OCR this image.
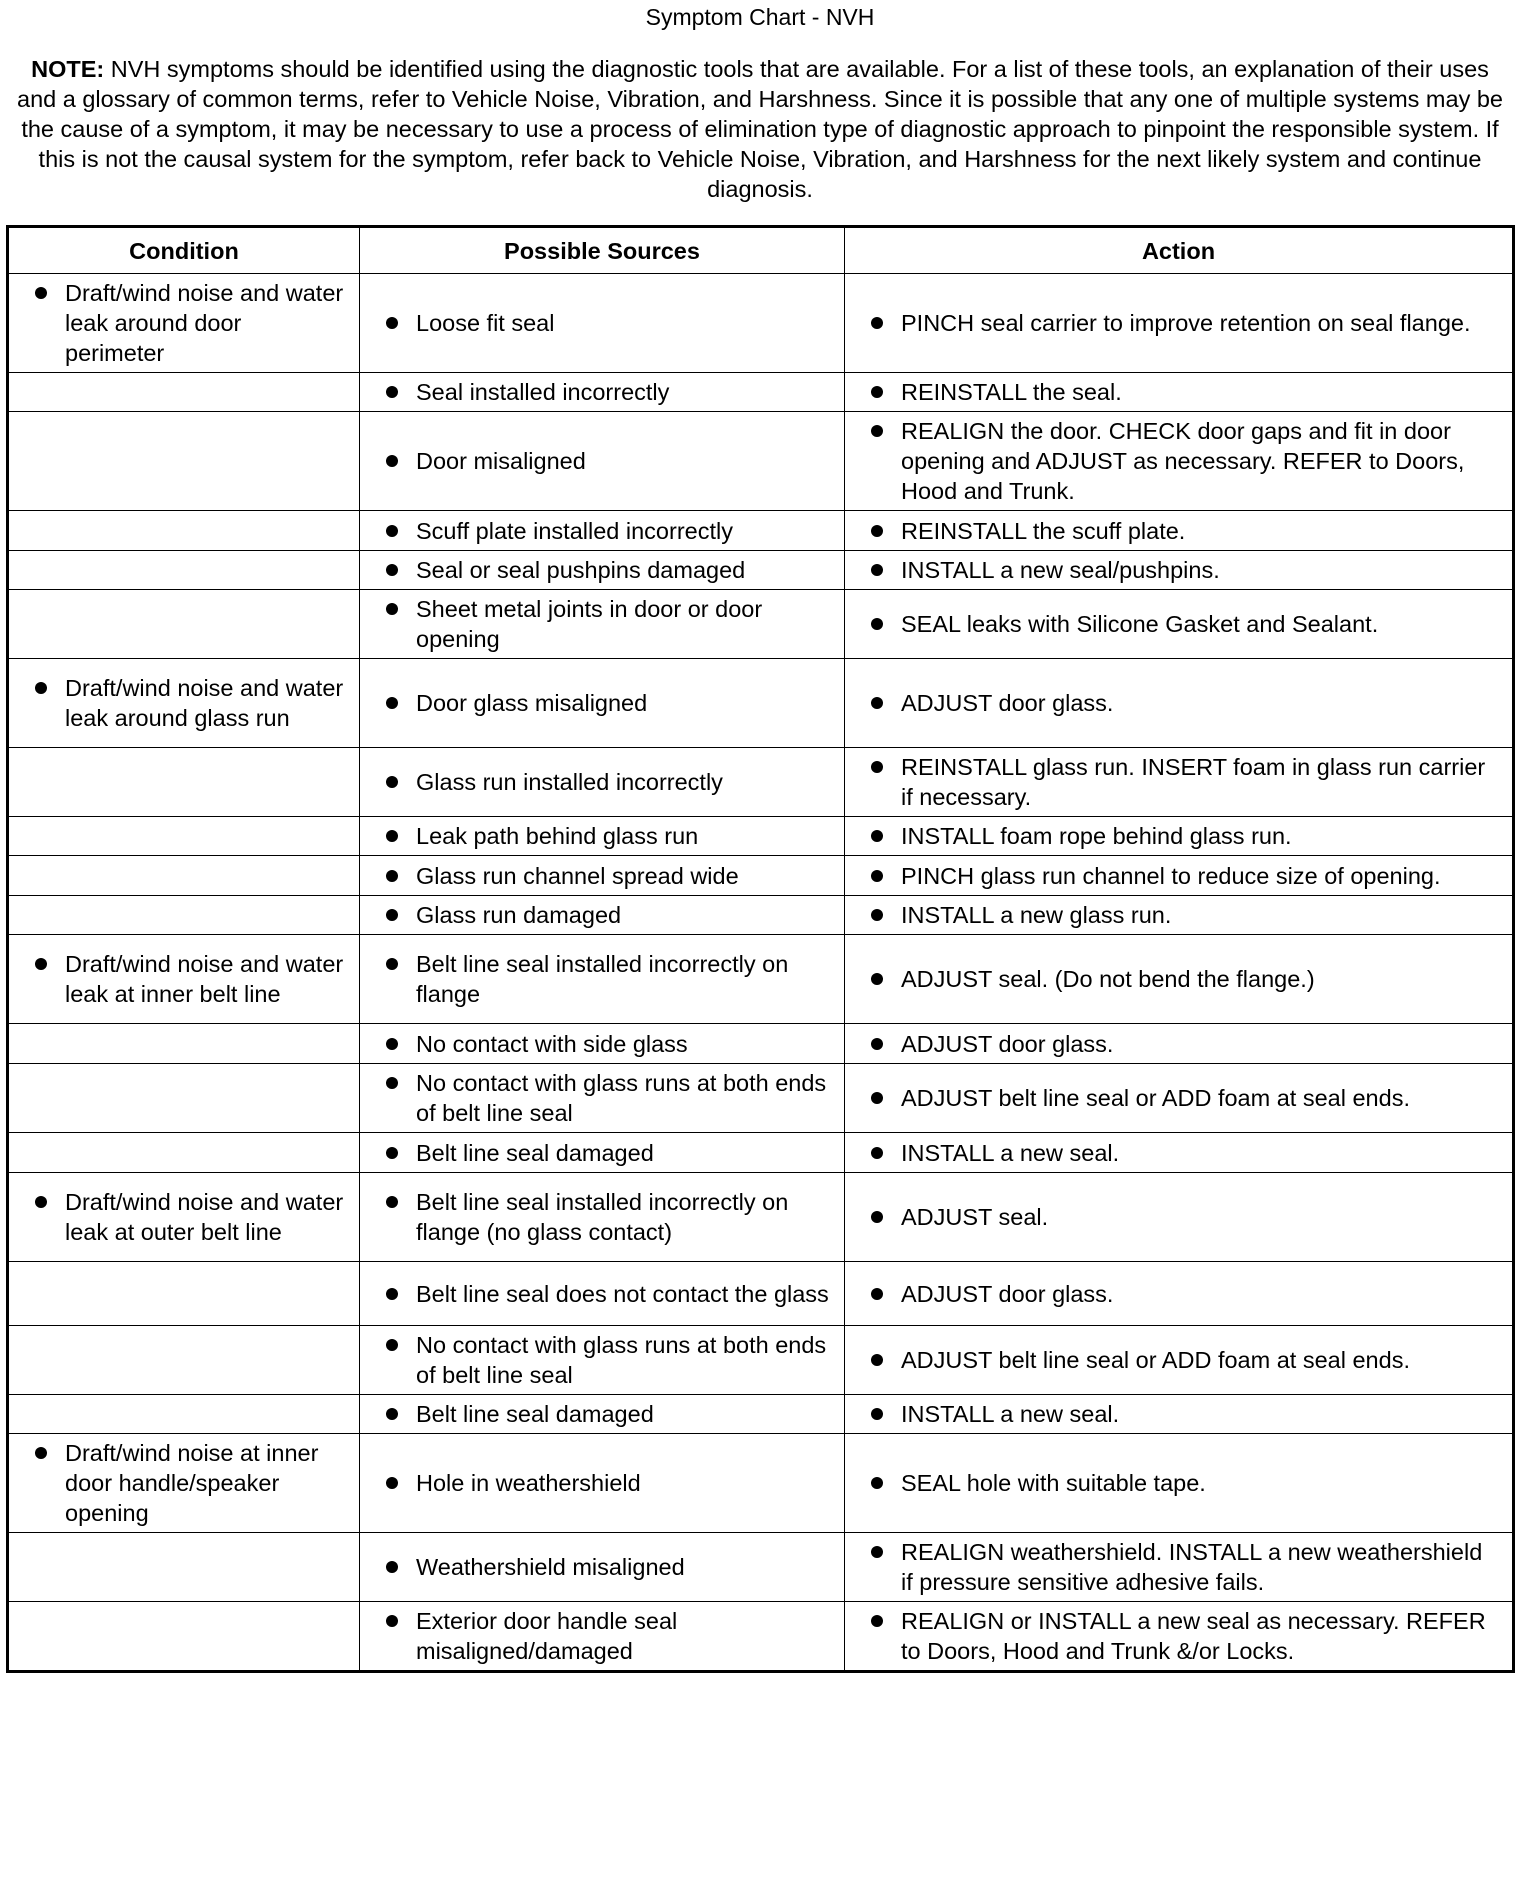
Symptom Chart - NVH
NOTE: NVH symptoms should be identified using the diagnostic tools that are available. For a list of these tools, an explanation of their uses and a glossary of common terms, refer to Vehicle Noise, Vibration, and Harshness. Since it is possible that any one of multiple systems may be the cause of a symptom, it may be necessary to use a process of elimination type of diagnostic approach to pinpoint the responsible system. If this is not the causal system for the symptom, refer back to Vehicle Noise, Vibration, and Harshness for the next likely system and continue diagnosis.
Condition	Possible Sources	Action

Draft/wind noise and water leak around door perimeter	Loose fit seal	PINCH seal carrier to improve retention on seal flange.

	Seal installed incorrectly	REINSTALL the seal.

	Door misaligned	REALIGN the door. CHECK door gaps and fit in door opening and ADJUST as necessary. REFER to Doors, Hood and Trunk.

	Scuff plate installed incorrectly	REINSTALL the scuff plate.

	Seal or seal pushpins damaged	INSTALL a new seal/pushpins.

	Sheet metal joints in door or door opening	SEAL leaks with Silicone Gasket and Sealant.

Draft/wind noise and water leak around glass run	Door glass misaligned	ADJUST door glass.

	Glass run installed incorrectly	REINSTALL glass run. INSERT foam in glass run carrier if necessary.

	Leak path behind glass run	INSTALL foam rope behind glass run.

	Glass run channel spread wide	PINCH glass run channel to reduce size of opening.

	Glass run damaged	INSTALL a new glass run.

Draft/wind noise and water leak at inner belt line	Belt line seal installed incorrectly on flange	ADJUST seal. (Do not bend the flange.)

	No contact with side glass	ADJUST door glass.

	No contact with glass runs at both ends of belt line seal	ADJUST belt line seal or ADD foam at seal ends.

	Belt line seal damaged	INSTALL a new seal.

Draft/wind noise and water leak at outer belt line	Belt line seal installed incorrectly on flange (no glass contact)	ADJUST seal.

	Belt line seal does not contact the glass	ADJUST door glass.

	No contact with glass runs at both ends of belt line seal	ADJUST belt line seal or ADD foam at seal ends.

	Belt line seal damaged	INSTALL a new seal.

Draft/wind noise at inner door handle/speaker opening	Hole in weathershield	SEAL hole with suitable tape.

	Weathershield misaligned	REALIGN weathershield. INSTALL a new weathershield if pressure sensitive adhesive fails.

	Exterior door handle seal misaligned/damaged	REALIGN or INSTALL a new seal as necessary. REFER to Doors, Hood and Trunk &/or Locks.
